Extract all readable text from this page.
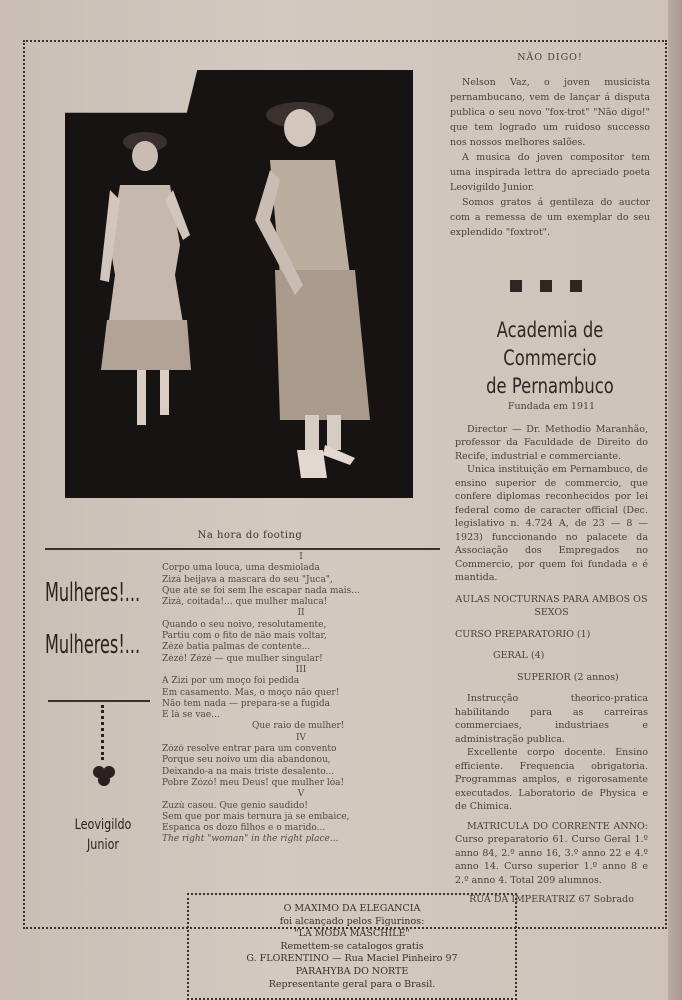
Na hora do footing

NÃO DIGO!

Nelson Vaz, o joven musicista pernambucano, vem de lançar á disputa publica o seu novo "fox-trot" "Não digo!" que tem logrado um ruidoso successo nos nossos melhores salões.

A musica do joven compositor tem uma inspirada lettra do apreciado poeta Leovigildo Junior.

Somos gratos á gentileza do auctor com a remessa de um exemplar do seu explendido "foxtrot".

Academia de Commercio
de Pernambuco

Fundada em 1911

Director — Dr. Methodio Maranhão, professor da Faculdade de Direito do Recife, industrial e commerciante.

Unica instituição em Pernambuco, de ensino superior de commercio, que confere diplomas reconhecidos por lei federal como de caracter official (Dec. legislativo n. 4.724 A, de 23 — 8 — 1923) funccionando no palacete da Associação dos Empregados no Commercio, por quem foi fundada e é mantida.

AULAS NOCTURNAS PARA AMBOS OS SEXOS

CURSO PREPARATORIO (1)

GERAL (4)

SUPERIOR (2 annos)

Instrucção theorico-pratica habilitando para as carreiras commerciaes, industriaes e administração publica.

Excellente corpo docente. Ensino efficiente. Frequencia obrigatoria. Programmas amplos, e rigorosamente executados. Laboratorio de Physica e de Chimica.

MATRICULA DO CORRENTE ANNO: Curso preparatorio 61. Curso Geral 1.º anno 84, 2.º anno 16, 3.º anno 22 e 4.º anno 14. Curso superior 1.º anno 8 e 2.º anno 4. Total 209 alumnos.

RUA DA IMPERATRIZ 67 Sobrado

Mulheres!...
Mulheres!...
Leovigildo
Junior

I

Corpo uma louca, uma desmiolada

Zizá beijava a mascara do seu "Juca",

Que até se foi sem lhe escapar nada mais...

Zizá, coitada!... que mulher maluca!

II

Quando o seu noivo, resolutamente,

Partiu com o fito de não mais voltar,

Zézé batia palmas de contente...

Zézé! Zézé — que mulher singular!

III

A Zizi por um moço foi pedida

Em casamento. Mas, o moço não quer!

Não tem nada — prepara-se a fugida

E lá se vae...

Que raio de mulher!

IV

Zózó resolve entrar para um convento

Porque seu noivo um dia abandonou,

Deixando-a na mais triste desalento...

Pobre Zózó! meu Deus! que mulher lóa!

V

Zuzú casou. Que genio saudido!

Sem que por mais ternura já se embaice,

Espanca os dozo filhos e o marido...

The right "woman" in the right place...

O MAXIMO DA ELEGANCIA

foi alcançado pelos Figurinos:

"LA MODA MASCHILE"

Remettem-se catalogos gratis

G. FLORENTINO — Rua Maciel Pinheiro 97

PARAHYBA DO NORTE

Representante geral para o Brasil.
